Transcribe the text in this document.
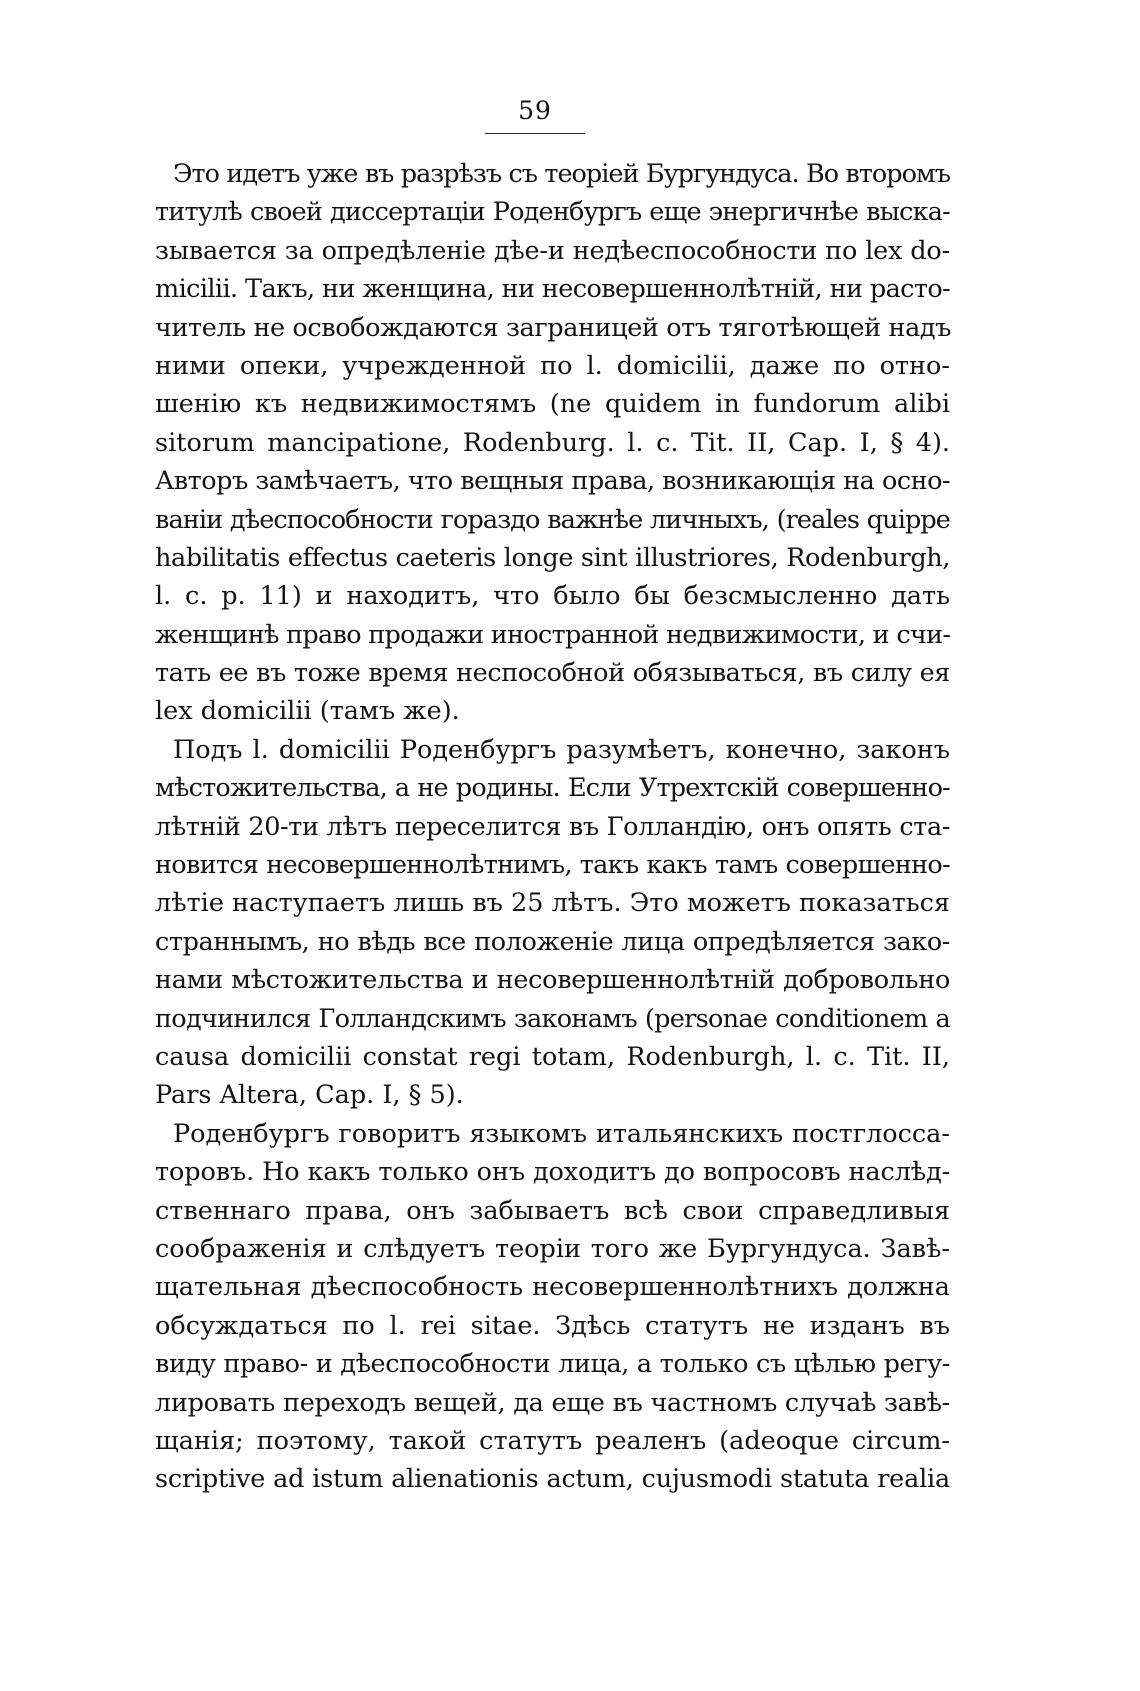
59
Это идетъ уже въ разрѣзъ съ теоріей Бургундуса. Во второмъ
титулѣ своей диссертаціи Роденбургъ еще энергичнѣе выска-
зывается за опредѣленіе дѣе-и недѣеспособности по lex do-
micilii. Такъ, ни женщина, ни несовершеннолѣтній, ни расто-
читель не освобождаются заграницей отъ тяготѣющей надъ
ними опеки, учрежденной по l. domicilii, даже по отно-
шенію къ недвижимостямъ (ne quidem in fundorum alibi
sitorum mancipatione, Rodenburg. l. c. Tit. II, Cap. I, § 4).
Авторъ замѣчаетъ, что вещныя права, возникающія на осно-
ваніи дѣеспособности гораздо важнѣе личныхъ, (reales quippe
habilitatis effectus caeteris longe sint illustriores, Rodenburgh,
l. c. p. 11) и находитъ, что было бы безсмысленно дать
женщинѣ право продажи иностранной недвижимости, и счи-
тать ее въ тоже время неспособной обязываться, въ силу ея
lex domicilii (тамъ же).
Подъ l. domicilii Роденбургъ разумѣетъ, конечно, законъ
мѣстожительства, а не родины. Если Утрехтскій совершенно-
лѣтній 20-ти лѣтъ переселится въ Голландію, онъ опять ста-
новится несовершеннолѣтнимъ, такъ какъ тамъ совершенно-
лѣтіе наступаетъ лишь въ 25 лѣтъ. Это можетъ показаться
страннымъ, но вѣдь все положеніе лица опредѣляется зако-
нами мѣстожительства и несовершеннолѣтній добровольно
подчинился Голландскимъ законамъ (personae conditionem a
causa domicilii constat regi totam, Rodenburgh, l. c. Tit. II,
Pars Altera, Cap. I, § 5).
Роденбургъ говоритъ языкомъ итальянскихъ постглосса-
торовъ. Но какъ только онъ доходитъ до вопросовъ наслѣд-
ственнаго права, онъ забываетъ всѣ свои справедливыя
соображенія и слѣдуетъ теоріи того же Бургундуса. Завѣ-
щательная дѣеспособность несовершеннолѣтнихъ должна
обсуждаться по l. rei sitae. Здѣсь статутъ не изданъ въ
виду право- и дѣеспособности лица, а только съ цѣлью регу-
лировать переходъ вещей, да еще въ частномъ случаѣ завѣ-
щанія; поэтому, такой статутъ реаленъ (adeoque circum-
scriptive ad istum alienationis actum, cujusmodi statuta realia
